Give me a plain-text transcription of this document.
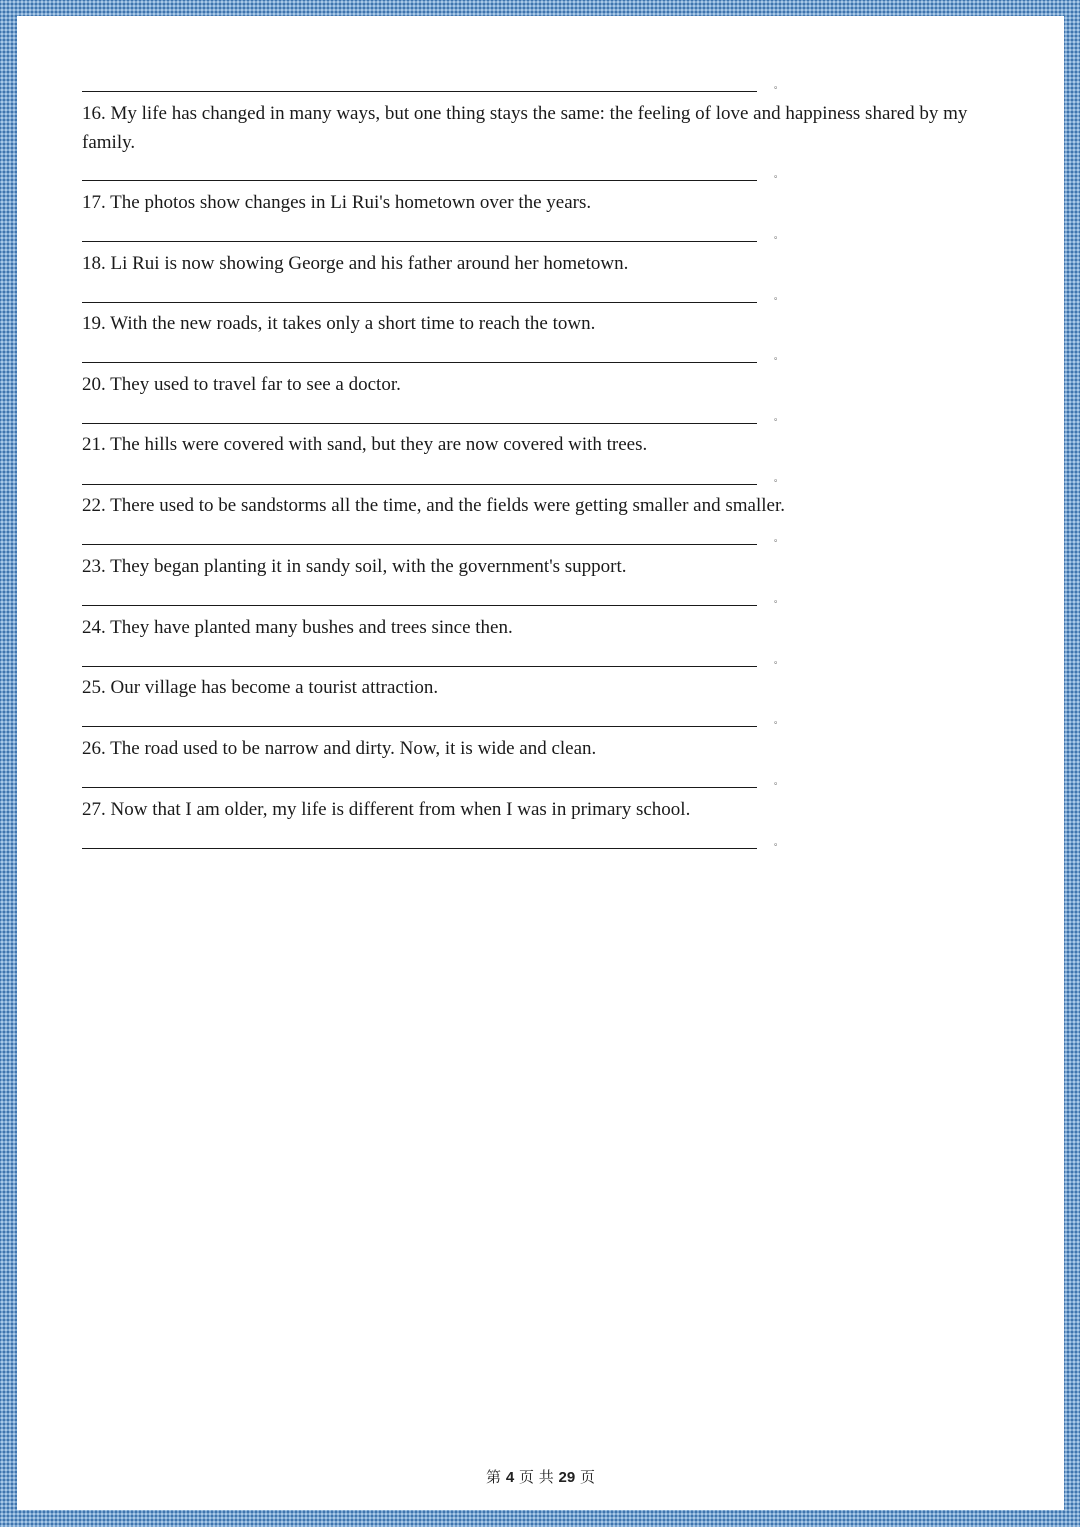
。
16. My life has changed in many ways, but one thing stays the same: the feeling of love and happiness shared by my family.
。
17. The photos show changes in Li Rui's hometown over the years.
。
18. Li Rui is now showing George and his father around her hometown.
。
19. With the new roads, it takes only a short time to reach the town.
。
20. They used to travel far to see a doctor.
。
21. The hills were covered with sand, but they are now covered with trees.
。
22. There used to be sandstorms all the time, and the fields were getting smaller and smaller.
。
23. They began planting it in sandy soil, with the government's support.
。
24. They have planted many bushes and trees since then.
。
25. Our village has become a tourist attraction.
。
26. The road used to be narrow and dirty. Now, it is wide and clean.
。
27. Now that I am older, my life is different from when I was in primary school.
。
第 4 页 共 29 页
